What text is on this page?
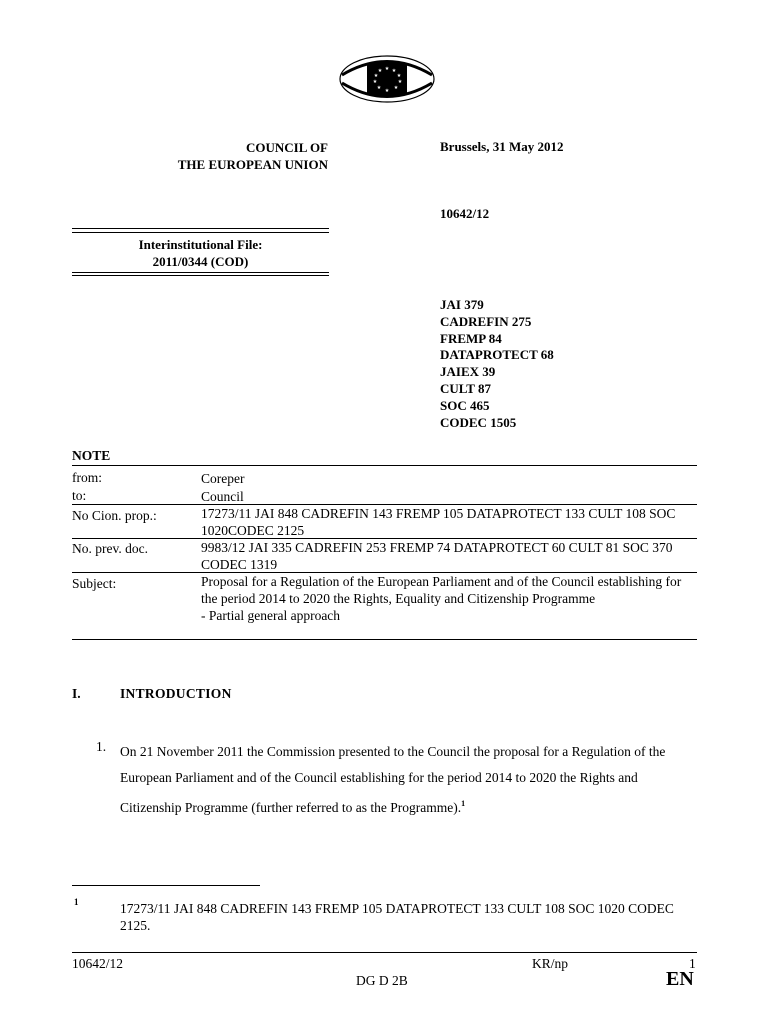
★ ★
★
★
★
★
★
★
★
★
COUNCIL OF
THE EUROPEAN UNION
Brussels, 31 May 2012
10642/12
Interinstitutional File:
2011/0344 (COD)
JAI 379
CADREFIN 275
FREMP 84
DATAPROTECT 68
JAIEX 39
CULT 87
SOC 465
CODEC 1505
NOTE
from:	Coreper
to:	Council
No Cion. prop.:	17273/11 JAI 848 CADREFIN 143 FREMP 105 DATAPROTECT 133 CULT 108 SOC 1020CODEC 2125
No. prev. doc.	9983/12 JAI 335 CADREFIN 253 FREMP 74 DATAPROTECT 60 CULT 81 SOC 370 CODEC 1319
Subject:	Proposal for a Regulation of the European Parliament and of the Council establishing for the period 2014 to 2020 the Rights, Equality and Citizenship Programme
- Partial general approach
I.	INTRODUCTION
1. On 21 November 2011 the Commission presented to the Council the proposal for a Regulation of the European Parliament and of the Council establishing for the period 2014 to 2020 the Rights and Citizenship Programme (further referred to as the Programme).$^1$
1	17273/11 JAI 848 CADREFIN 143 FREMP 105 DATAPROTECT 133 CULT 108 SOC 1020 CODEC 2125.
10642/12
DG D 2B
KR/np	1
EN
